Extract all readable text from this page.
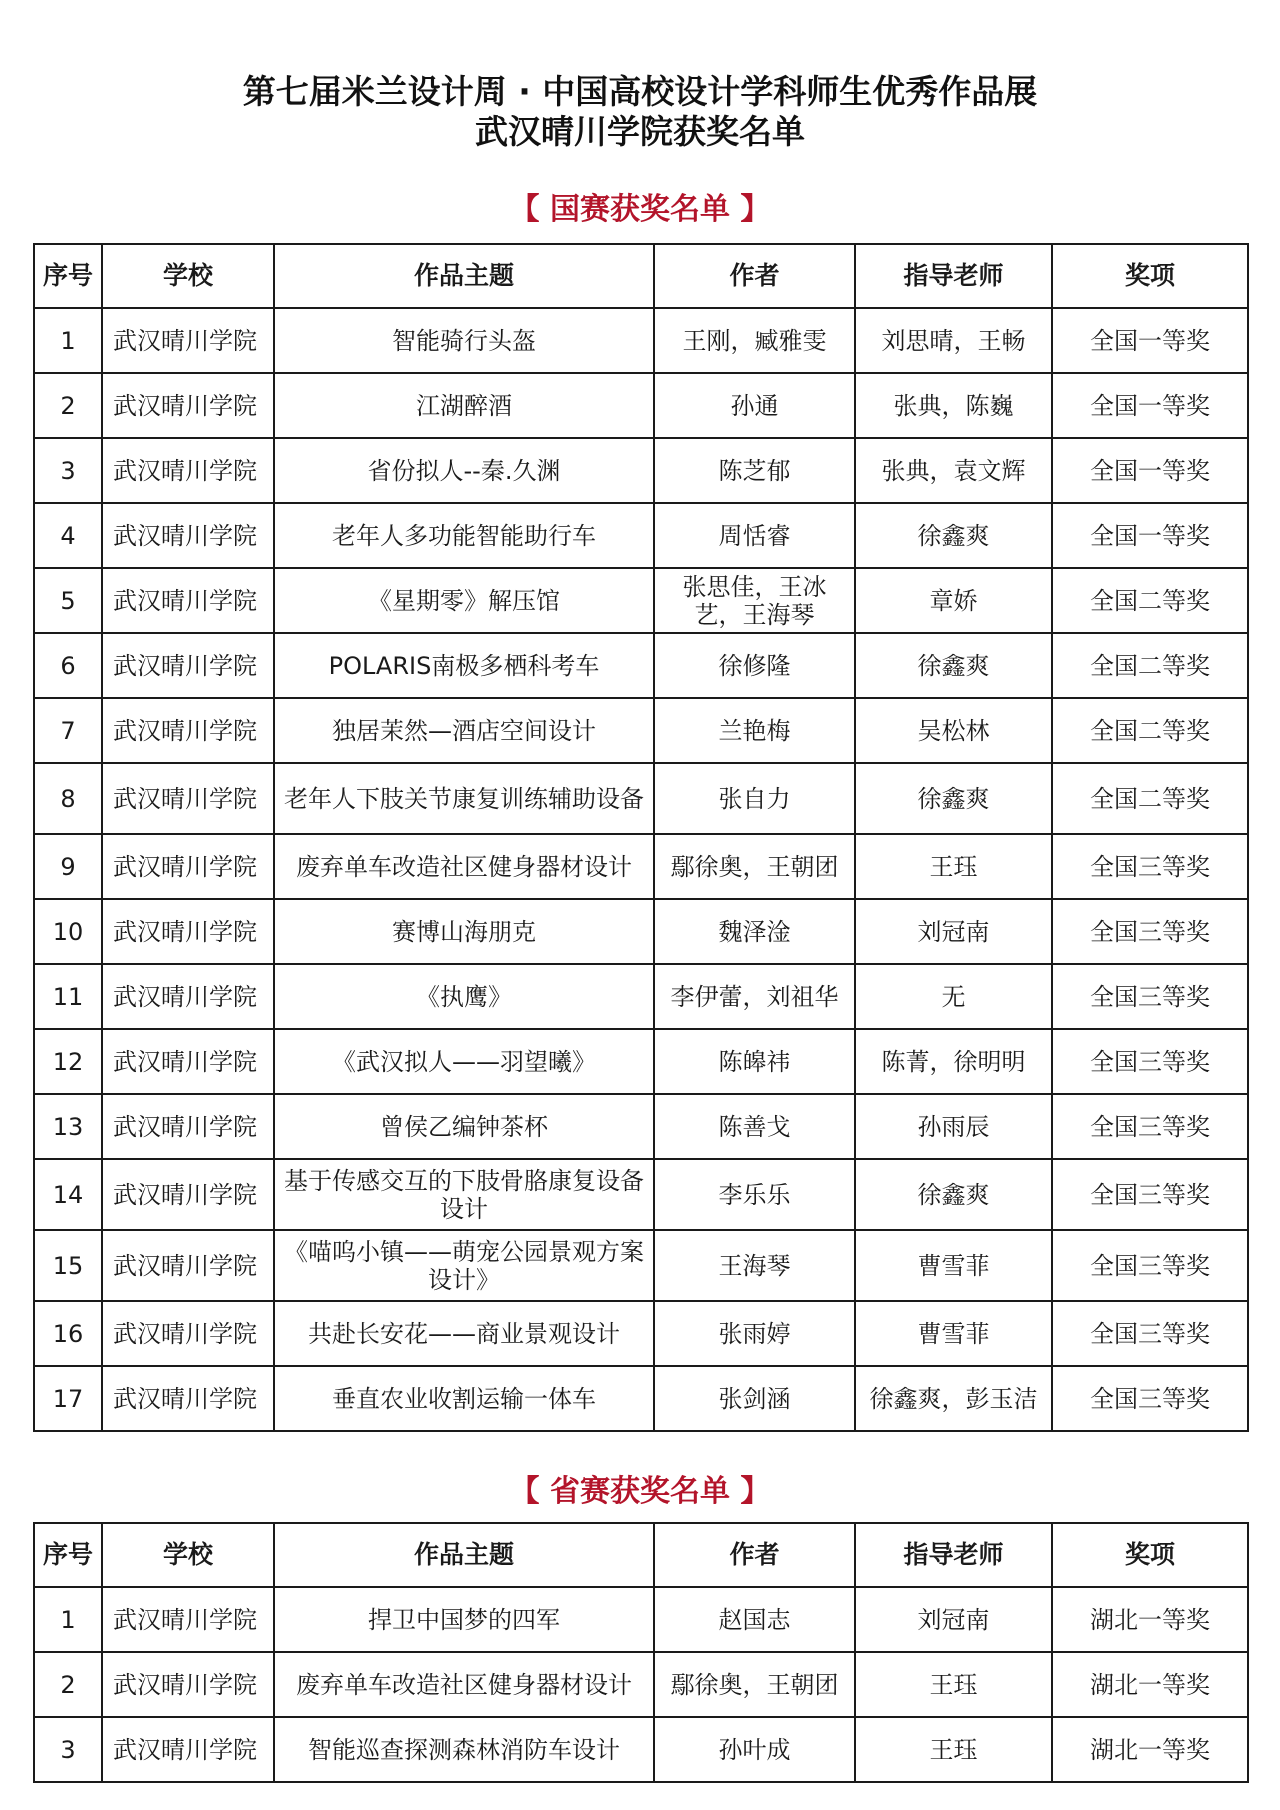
第七届米兰设计周 · 中国高校设计学科师生优秀作品展
武汉晴川学院获奖名单
【 国赛获奖名单 】
序号	学校	作品主题	作者	指导老师	奖项
1	武汉晴川学院	智能骑行头盔	王刚，臧雅雯	刘思晴，王畅	全国一等奖
2	武汉晴川学院	江湖醉酒	孙通	张典，陈巍	全国一等奖
3	武汉晴川学院	省份拟人--秦.久渊	陈芝郁	张典，袁文辉	全国一等奖
4	武汉晴川学院	老年人多功能智能助行车	周恬睿	徐鑫爽	全国一等奖
5	武汉晴川学院	《星期零》解压馆	张思佳，王冰艺，王海琴	章娇	全国二等奖
6	武汉晴川学院	POLARIS南极多栖科考车	徐修隆	徐鑫爽	全国二等奖
7	武汉晴川学院	独居茉然—酒店空间设计	兰艳梅	吴松林	全国二等奖
8	武汉晴川学院	老年人下肢关节康复训练辅助设备	张自力	徐鑫爽	全国二等奖
9	武汉晴川学院	废弃单车改造社区健身器材设计	鄢徐奥，王朝团	王珏	全国三等奖
10	武汉晴川学院	赛博山海朋克	魏泽淦	刘冠南	全国三等奖
11	武汉晴川学院	《执鹰》	李伊蕾，刘祖华	无	全国三等奖
12	武汉晴川学院	《武汉拟人——羽望曦》	陈皞祎	陈菁，徐明明	全国三等奖
13	武汉晴川学院	曾侯乙编钟茶杯	陈善戈	孙雨辰	全国三等奖
14	武汉晴川学院	基于传感交互的下肢骨胳康复设备设计	李乐乐	徐鑫爽	全国三等奖
15	武汉晴川学院	《喵呜小镇——萌宠公园景观方案设计》	王海琴	曹雪菲	全国三等奖
16	武汉晴川学院	共赴长安花——商业景观设计	张雨婷	曹雪菲	全国三等奖
17	武汉晴川学院	垂直农业收割运输一体车	张剑涵	徐鑫爽，彭玉洁	全国三等奖
【 省赛获奖名单 】
序号	学校	作品主题	作者	指导老师	奖项
1	武汉晴川学院	捍卫中国梦的四军	赵国志	刘冠南	湖北一等奖
2	武汉晴川学院	废弃单车改造社区健身器材设计	鄢徐奥，王朝团	王珏	湖北一等奖
3	武汉晴川学院	智能巡查探测森林消防车设计	孙叶成	王珏	湖北一等奖
